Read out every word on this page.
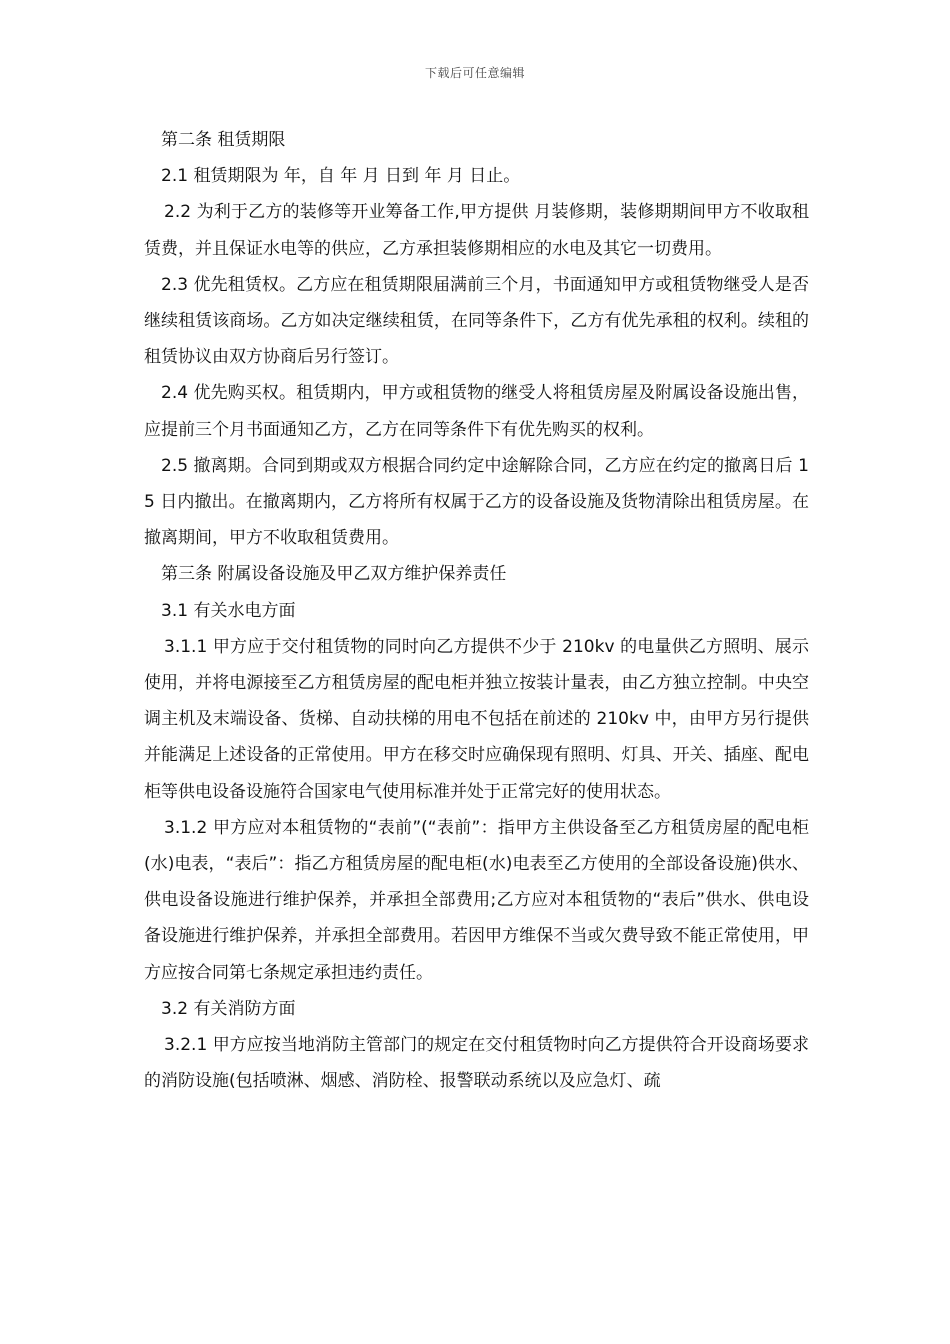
下载后可任意编辑

第二条 租赁期限

2.1 租赁期限为 年，自 年 月 日到 年 月 日止。

2.2 为利于乙方的装修等开业筹备工作,甲方提供 月装修期，装修期期间甲方不收取租赁费，并且保证水电等的供应，乙方承担装修期相应的水电及其它一切费用。

2.3 优先租赁权。乙方应在租赁期限届满前三个月，书面通知甲方或租赁物继受人是否继续租赁该商场。乙方如决定继续租赁，在同等条件下，乙方有优先承租的权利。续租的租赁协议由双方协商后另行签订。

2.4 优先购买权。租赁期内，甲方或租赁物的继受人将租赁房屋及附属设备设施出售，应提前三个月书面通知乙方，乙方在同等条件下有优先购买的权利。

2.5 撤离期。合同到期或双方根据合同约定中途解除合同，乙方应在约定的撤离日后 15 日内撤出。在撤离期内，乙方将所有权属于乙方的设备设施及货物清除出租赁房屋。在撤离期间，甲方不收取租赁费用。

第三条 附属设备设施及甲乙双方维护保养责任

3.1 有关水电方面

3.1.1 甲方应于交付租赁物的同时向乙方提供不少于 210kv 的电量供乙方照明、展示使用，并将电源接至乙方租赁房屋的配电柜并独立按装计量表，由乙方独立控制。中央空调主机及末端设备、货梯、自动扶梯的用电不包括在前述的 210kv 中，由甲方另行提供并能满足上述设备的正常使用。甲方在移交时应确保现有照明、灯具、开关、插座、配电柜等供电设备设施符合国家电气使用标准并处于正常完好的使用状态。

3.1.2 甲方应对本租赁物的“表前”(“表前”：指甲方主供设备至乙方租赁房屋的配电柜(水)电表，“表后”：指乙方租赁房屋的配电柜(水)电表至乙方使用的全部设备设施)供水、供电设备设施进行维护保养，并承担全部费用;乙方应对本租赁物的“表后”供水、供电设备设施进行维护保养，并承担全部费用。若因甲方维保不当或欠费导致不能正常使用，甲方应按合同第七条规定承担违约责任。

3.2 有关消防方面

3.2.1 甲方应按当地消防主管部门的规定在交付租赁物时向乙方提供符合开设商场要求的消防设施(包括喷淋、烟感、消防栓、报警联动系统以及应急灯、疏
